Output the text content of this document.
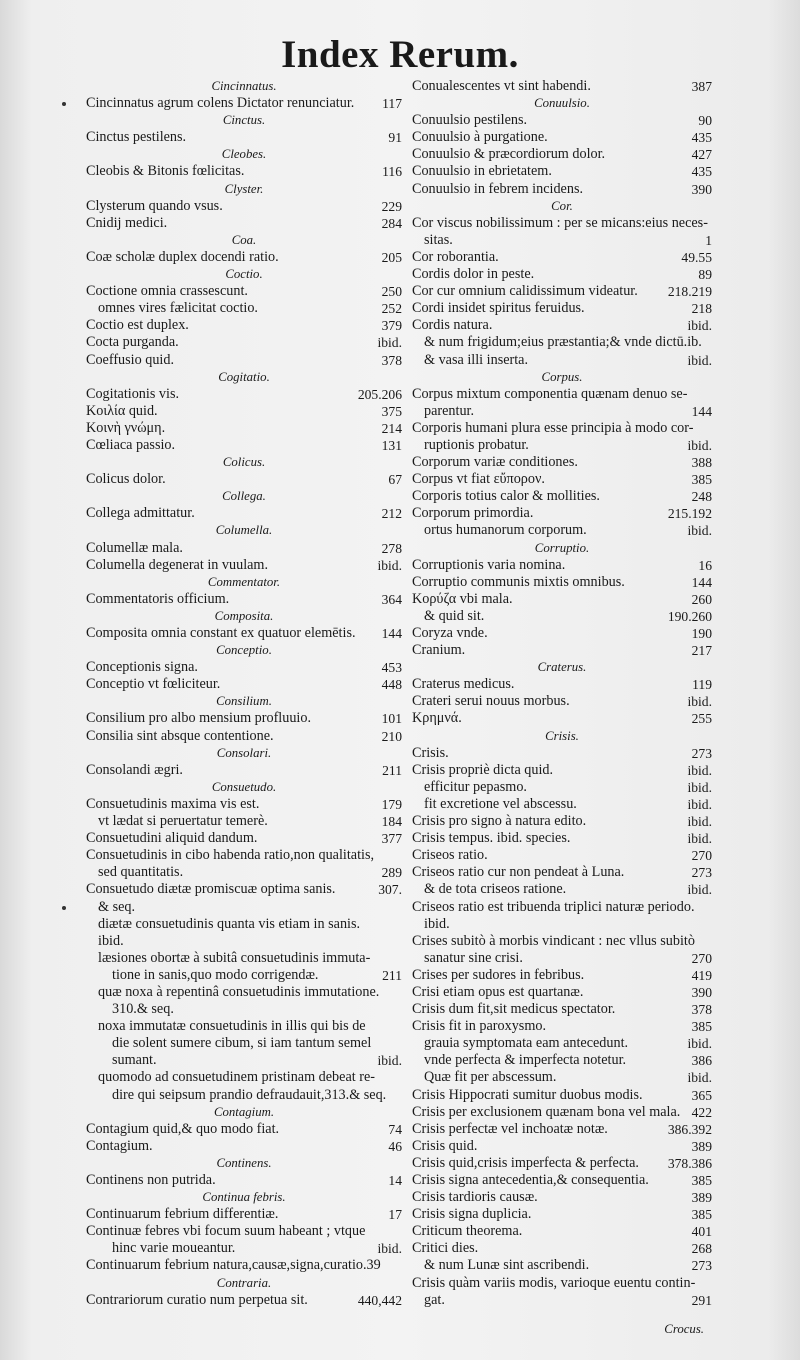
Index Rerum.
Cincinnatus.
Cincinnatus agrum colens Dictator renunciatur. 117
Cinctus.
Cinctus pestilens.	91
Cleobes.
Cleobis & Bitonis fœlicitas.	116
Clyster.
Clysterum quando vsus.	229
Cnidij medici.	284
Coa.
Coæ scholæ duplex docendi ratio.	205
Coctio.
Coctione omnia crassescunt.	250
omnes vires fælicitat coctio.	252
Coctio est duplex.	379
Cocta purganda.	ibid.
Coeffusio quid.	378
Cogitatio.
Cogitationis vis.	205.206
Κοιλία quid.	375
Κοινὴ γνώμη.	214
Cœliaca passio.	131
Colicus.
Colicus dolor.	67
Collega.
Collega admittatur.	212
Columella.
Columellæ mala.	278
Columella degenerat in vuulam.	ibid.
Commentator.
Commentatoris officium.	364
Composita.
Composita omnia constant ex quatuor elemētis. 144
Conceptio.
Conceptionis signa.	453
Conceptio vt fœliciteur.	448
Consilium.
Consilium pro albo mensium profluuio.	101
Consilia sint absque contentione.	210
Consolari.
Consolandi ægri.	211
Consuetudo.
Consuetudinis maxima vis est.	179
vt lædat si peruertatur temerè.	184
Consuetudini aliquid dandum.	377
Consuetudinis in cibo habenda ratio,non qualitatis,
sed quantitatis.	289
Consuetudo diætæ promiscuæ optima sanis.	307.
& seq.
diætæ consuetudinis quanta vis etiam in sanis.
ibid.
læsiones obortæ à subitâ consuetudinis immuta-
tione in sanis,quo modo corrigendæ.	211
quæ noxa à repentinâ consuetudinis immutatione.
310.& seq.
noxa immutatæ consuetudinis in illis qui bis de
die solent sumere cibum, si iam tantum semel
sumant.	ibid.
quomodo ad consuetudinem pristinam debeat re-
dire qui seipsum prandio defraudauit,313.& seq.
Contagium.
Contagium quid,& quo modo fiat.	74
Contagium.	46
Continens.
Continens non putrida.	14
Continua febris.
Continuarum febrium differentiæ.	17
Continuæ febres vbi focum suum habeant ; vtque
hinc varie moueantur.	ibid.
Continuarum febrium natura,causæ,signa,curatio.39
Contraria.
Contrariorum curatio num perpetua sit.	440,442
Conualescentes vt sint habendi.	387
Conuulsio.
Conuulsio pestilens.	90
Conuulsio à purgatione.	435
Conuulsio & præcordiorum dolor.	427
Conuulsio in ebrietatem.	435
Conuulsio in febrem incidens.	390
Cor.
Cor viscus nobilissimum : per se micans:eius neces-
sitas.	1
Cor roborantia.	49.55
Cordis dolor in peste.	89
Cor cur omnium calidissimum videatur. 218.219
Cordi insidet spiritus feruidus.	218
Cordis natura.	ibid.
& num frigidum;eius præstantia;& vnde dictū.ib.
& vasa illi inserta.	ibid.
Corpus.
Corpus mixtum componentia quænam denuo se-
parentur.	144
Corporis humani plura esse principia à modo cor-
ruptionis probatur.	ibid.
Corporum variæ conditiones.	388
Corpus vt fiat εὔπορον.	385
Corporis totius calor & mollities.	248
Corporum primordia.	215.192
ortus humanorum corporum.	ibid.
Corruptio.
Corruptionis varia nomina.	16
Corruptio communis mixtis omnibus.	144
Κορύζα vbi mala.	260
& quid sit.	190.260
Coryza vnde.	190
Cranium.	217
Craterus.
Craterus medicus.	119
Crateri serui nouus morbus.	ibid.
Κρημνά.	255
Crisis.
Crisis.	273
Crisis propriè dicta quid.	ibid.
efficitur pepasmo.	ibid.
fit excretione vel abscessu.	ibid.
Crisis pro signo à natura edito.	ibid.
Crisis tempus. ibid. species.	ibid.
Criseos ratio.	270
Criseos ratio cur non pendeat à Luna.	273
& de tota criseos ratione.	ibid.
Criseos ratio est tribuenda triplici naturæ periodo.
ibid.
Crises subitò à morbis vindicant : nec vllus subitò
sanatur sine crisi.	270
Crises per sudores in febribus.	419
Crisi etiam opus est quartanæ.	390
Crisis dum fit,sit medicus spectator.	378
Crisis fit in paroxysmo.	385
grauia symptomata eam antecedunt.	ibid.
vnde perfecta & imperfecta notetur.	386
Quæ fit per abscessum.	ibid.
Crisis Hippocrati sumitur duobus modis.	365
Crisis per exclusionem quænam bona vel mala. 422
Crisis perfectæ vel inchoatæ notæ.	386.392
Crisis quid.	389
Crisis quid,crisis imperfecta & perfecta. 378.386
Crisis signa antecedentia,& consequentia.	385
Crisis tardioris causæ.	389
Crisis signa duplicia.	385
Criticum theorema.	401
Critici dies.	268
& num Lunæ sint ascribendi.	273
Crisis quàm variis modis, varioque euentu contin-
gat.	291
Crocus.
